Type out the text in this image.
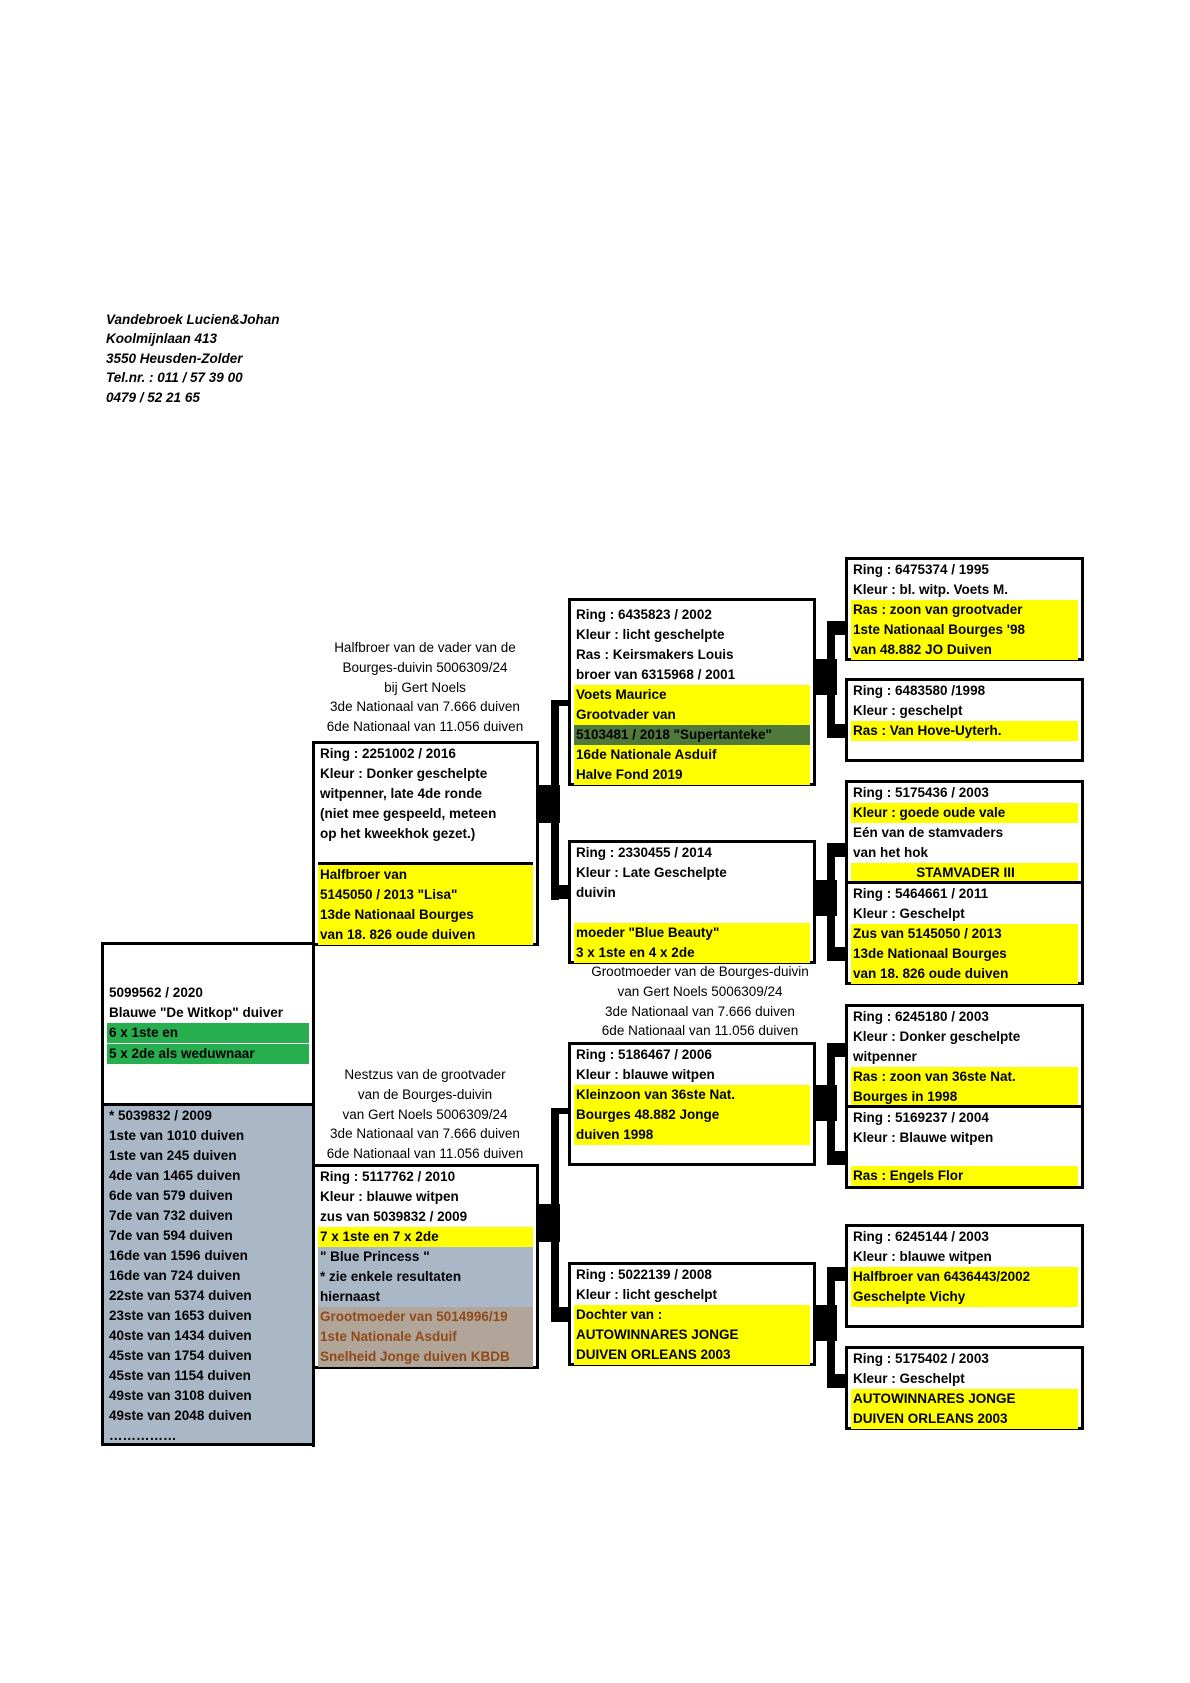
Vandebroek Lucien&Johan
Koolmijnlaan 413
3550 Heusden-Zolder
Tel.nr. : 011 / 57 39 00
0479 / 52 21 65
Halfbroer van de vader van de
Bourges-duivin 5006309/24
bij Gert Noels
3de Nationaal van 7.666 duiven
6de Nationaal van 11.056 duiven
Nestzus van de grootvader
van de Bourges-duivin
van Gert Noels 5006309/24
3de Nationaal van 7.666 duiven
6de Nationaal van 11.056 duiven
Grootmoeder van de Bourges-duivin
van Gert Noels 5006309/24
3de Nationaal van 7.666 duiven
6de Nationaal van 11.056 duiven
5099562 / 2020
Blauwe "De Witkop" duiver
6 x 1ste en
5 x 2de als weduwnaar
* 5039832 / 2009
1ste van 1010 duiven
1ste van 245 duiven
4de van 1465 duiven
6de van 579 duiven
7de van 732 duiven
7de van 594 duiven
16de van 1596 duiven
16de van 724 duiven
22ste van 5374 duiven
23ste van 1653 duiven
40ste van 1434 duiven
45ste van 1754 duiven
45ste van 1154 duiven
49ste van 3108 duiven
49ste van 2048 duiven
……………
Ring : 2251002 / 2016
Kleur : Donker geschelpte
witpenner, late 4de ronde
(niet mee gespeeld, meteen
op het kweekhok gezet.)
Halfbroer van
5145050 / 2013 "Lisa"
13de Nationaal Bourges
van 18. 826 oude duiven
Ring : 5117762 / 2010
Kleur : blauwe witpen
zus van 5039832 / 2009
7 x 1ste en 7 x 2de
" Blue Princess "
* zie enkele resultaten
hiernaast
Grootmoeder van 5014996/19
1ste Nationale Asduif
Snelheid Jonge duiven KBDB
Ring : 6435823 / 2002
Kleur : licht geschelpte
Ras : Keirsmakers Louis
broer van 6315968 / 2001
Voets Maurice
Grootvader van
5103481 / 2018 "Supertanteke"
16de Nationale Asduif
Halve Fond 2019
Ring : 2330455 / 2014
Kleur : Late Geschelpte
duivin
moeder "Blue Beauty"
3 x 1ste en 4 x 2de
Ring : 5186467 / 2006
Kleur : blauwe witpen
Kleinzoon van 36ste Nat.
Bourges 48.882 Jonge
duiven 1998
Ring : 5022139 / 2008
Kleur : licht geschelpt
Dochter van :
AUTOWINNARES JONGE
DUIVEN ORLEANS 2003
Ring : 6475374 / 1995
Kleur : bl. witp. Voets M.
Ras : zoon van grootvader
1ste Nationaal Bourges '98
van 48.882 JO Duiven
Ring : 6483580 /1998
Kleur : geschelpt
Ras : Van Hove-Uyterh.
Ring : 5175436 / 2003
Kleur : goede oude vale
Eén van de stamvaders
van het hok
STAMVADER III
Ring : 5464661 / 2011
Kleur : Geschelpt
Zus van 5145050 / 2013
13de Nationaal Bourges
van 18. 826 oude duiven
Ring : 6245180 / 2003
Kleur : Donker geschelpte
witpenner
Ras : zoon van 36ste Nat.
Bourges in 1998
Ring : 5169237 / 2004
Kleur : Blauwe witpen
Ras : Engels Flor
Ring : 6245144 / 2003
Kleur : blauwe witpen
Halfbroer van 6436443/2002
Geschelpte Vichy
Ring : 5175402 / 2003
Kleur : Geschelpt
AUTOWINNARES JONGE
DUIVEN ORLEANS 2003
